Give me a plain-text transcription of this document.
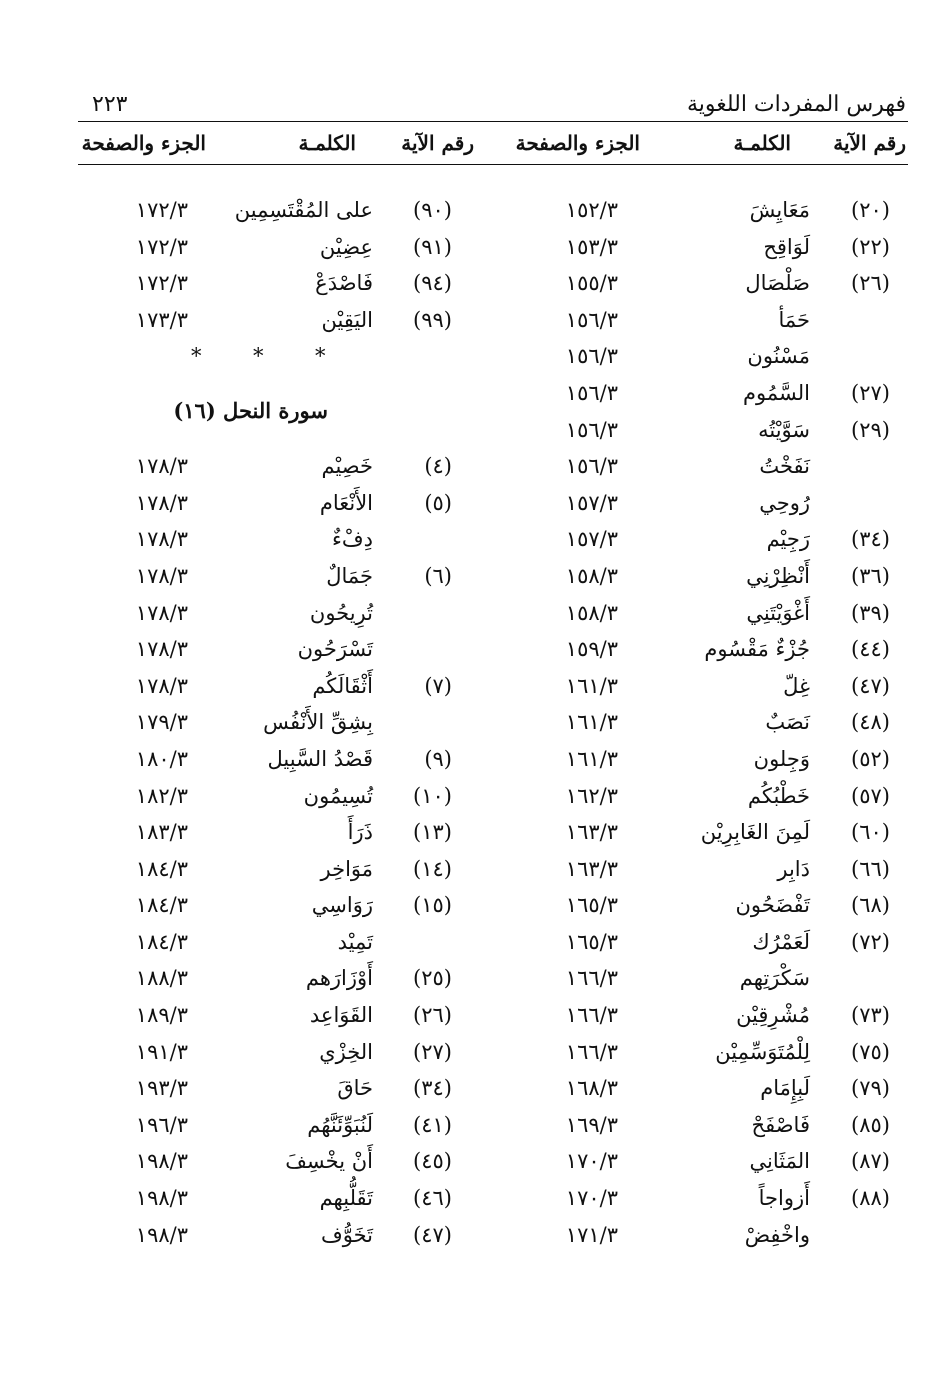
٢٢٣	فهرس المفردات اللغوية
رقم الآية
الكلمـة
الجزء والصفحة
رقم الآية
الكلمـة
الجزء والصفحة
(٢٠)
مَعَايِشَ
١٥٢/٣
(٢٢)
لَوَاقِح
١٥٣/٣
(٢٦)
صَلْصَال
١٥٥/٣
حَمَأ
١٥٦/٣
مَسْنُون
١٥٦/٣
(٢٧)
السَّمُوم
١٥٦/٣
(٢٩)
سَوَّيْتُه
١٥٦/٣
نَفَخْتُ
١٥٦/٣
رُوحِي
١٥٧/٣
(٣٤)
رَجِيْم
١٥٧/٣
(٣٦)
أَنْظِرْنِي
١٥٨/٣
(٣٩)
أَغْوَيْتَنِي
١٥٨/٣
(٤٤)
جُزْءٌ مَقْسُوم
١٥٩/٣
(٤٧)
غِلّ
١٦١/٣
(٤٨)
نَصَبٌ
١٦١/٣
(٥٢)
وَجِلون
١٦١/٣
(٥٧)
خَطْبُكُم
١٦٢/٣
(٦٠)
لَمِنَ الغَابِرِيْن
١٦٣/٣
(٦٦)
دَابِر
١٦٣/٣
(٦٨)
تَفْضَحُون
١٦٥/٣
(٧٢)
لَعَمْرُك
١٦٥/٣
سَكْرَتِهم
١٦٦/٣
(٧٣)
مُشْرِقِيْن
١٦٦/٣
(٧٥)
لِلْمُتَوَسِّمِيْن
١٦٦/٣
(٧٩)
لَبِإِمَام
١٦٨/٣
(٨٥)
فَاصْفَحْ
١٦٩/٣
(٨٧)
المَثَانِي
١٧٠/٣
(٨٨)
أَزواجاً
١٧٠/٣
واخْفِضْ
١٧١/٣
(٩٠)
على المُقْتَسِمِين
١٧٢/٣
(٩١)
عِضِيْن
١٧٢/٣
(٩٤)
فَاصْدَعْ
١٧٢/٣
(٩٩)
اليَقِيْن
١٧٣/٣
* * *
سورة النحل (١٦)
(٤)
خَصِيْم
١٧٨/٣
(٥)
الأَنْعَام
١٧٨/٣
دِفْءٌ
١٧٨/٣
(٦)
جَمَالٌ
١٧٨/٣
تُرِيحُون
١٧٨/٣
تَسْرَحُون
١٧٨/٣
(٧)
أَثْقَالَكُم
١٧٨/٣
بِشِقِّ الأَنْفُس
١٧٩/٣
(٩)
قَصْدُ السَّبِيل
١٨٠/٣
(١٠)
تُسِيمُون
١٨٢/٣
(١٣)
ذَرَأَ
١٨٣/٣
(١٤)
مَوَاخِر
١٨٤/٣
(١٥)
رَوَاسِي
١٨٤/٣
تَمِيْد
١٨٤/٣
(٢٥)
أَوْزَارَهم
١٨٨/٣
(٢٦)
القَوَاعِد
١٨٩/٣
(٢٧)
الخِزْي
١٩١/٣
(٣٤)
حَاقَ
١٩٣/٣
(٤١)
لَنُبَوِّئَنَّهُم
١٩٦/٣
(٤٥)
أَنْ يخْسِفَ
١٩٨/٣
(٤٦)
تَقَلُّبِهم
١٩٨/٣
(٤٧)
تَخَوُّف
١٩٨/٣
